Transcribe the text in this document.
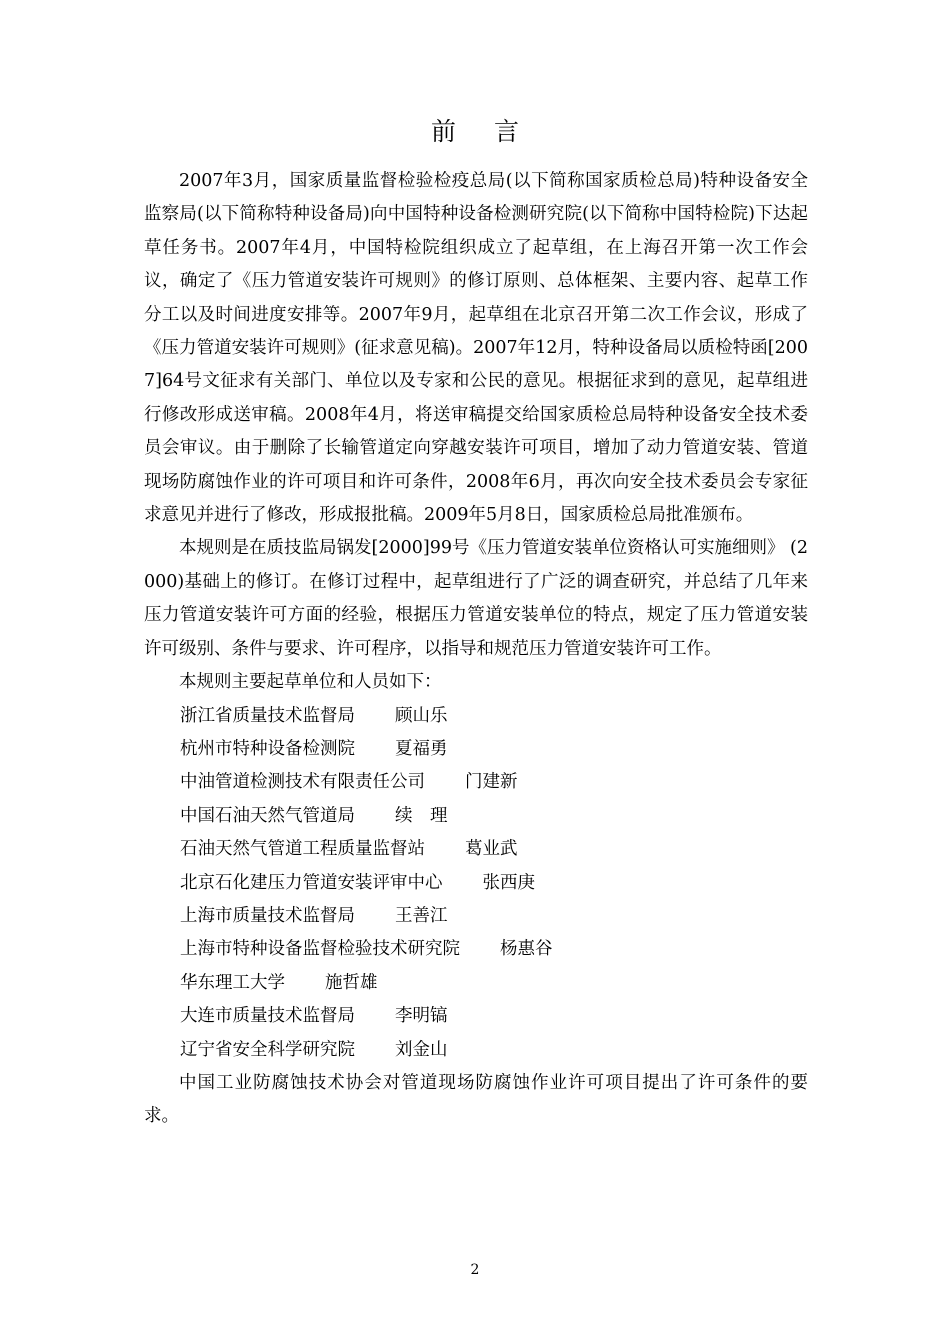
前言

2007年3月，国家质量监督检验检疫总局(以下简称国家质检总局)特种设备安全监察局(以下简称特种设备局)向中国特种设备检测研究院(以下简称中国特检院)下达起草任务书。2007年4月，中国特检院组织成立了起草组，在上海召开第一次工作会议，确定了《压力管道安装许可规则》的修订原则、总体框架、主要内容、起草工作分工以及时间进度安排等。2007年9月，起草组在北京召开第二次工作会议，形成了《压力管道安装许可规则》(征求意见稿)。2007年12月，特种设备局以质检特函[2007]64号文征求有关部门、单位以及专家和公民的意见。根据征求到的意见，起草组进行修改形成送审稿。2008年4月，将送审稿提交给国家质检总局特种设备安全技术委员会审议。由于删除了长输管道定向穿越安装许可项目，增加了动力管道安装、管道现场防腐蚀作业的许可项目和许可条件，2008年6月，再次向安全技术委员会专家征求意见并进行了修改，形成报批稿。2009年5月8日，国家质检总局批准颁布。

本规则是在质技监局锅发[2000]99号《压力管道安装单位资格认可实施细则》 (2000)基础上的修订。在修订过程中，起草组进行了广泛的调查研究，并总结了几年来压力管道安装许可方面的经验，根据压力管道安装单位的特点，规定了压力管道安装许可级别、条件与要求、许可程序，以指导和规范压力管道安装许可工作。

本规则主要起草单位和人员如下：

浙江省质量技术监督局 顾山乐
杭州市特种设备检测院 夏福勇
中油管道检测技术有限责任公司 门建新
中国石油天然气管道局 续　理
石油天然气管道工程质量监督站 葛业武
北京石化建压力管道安装评审中心 张西庚
上海市质量技术监督局 王善江
上海市特种设备监督检验技术研究院 杨惠谷
华东理工大学 施哲雄
大连市质量技术监督局 李明镐
辽宁省安全科学研究院 刘金山

中国工业防腐蚀技术协会对管道现场防腐蚀作业许可项目提出了许可条件的要求。

2
